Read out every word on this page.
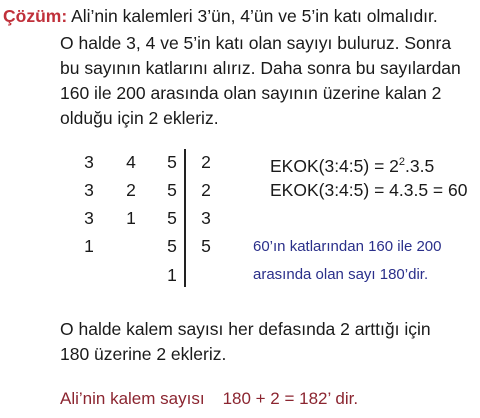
Çözüm: Ali’nin kalemleri 3’ün, 4’ün ve 5’in katı olmalıdır.
O halde 3, 4 ve 5’in katı olan sayıyı buluruz. Sonra
bu sayının katlarını alırız. Daha sonra bu sayılardan
160 ile 200 arasında olan sayının üzerine kalan 2
olduğu için 2 ekleriz.
3 4 5 2
3 2 5 2
3 1 5 3
1	5 5
1
EKOK(3:4:5) = $2^2.3.5$
EKOK(3:4:5) = 4.3.5 = 60
60’ın katlarından 160 ile 200
arasında olan sayı 180’dir.
O halde kalem sayısı her defasında 2 arttığı için
180 üzerine 2 ekleriz.
Ali’nin kalem sayısı 180 + 2 = 182’ dir.
